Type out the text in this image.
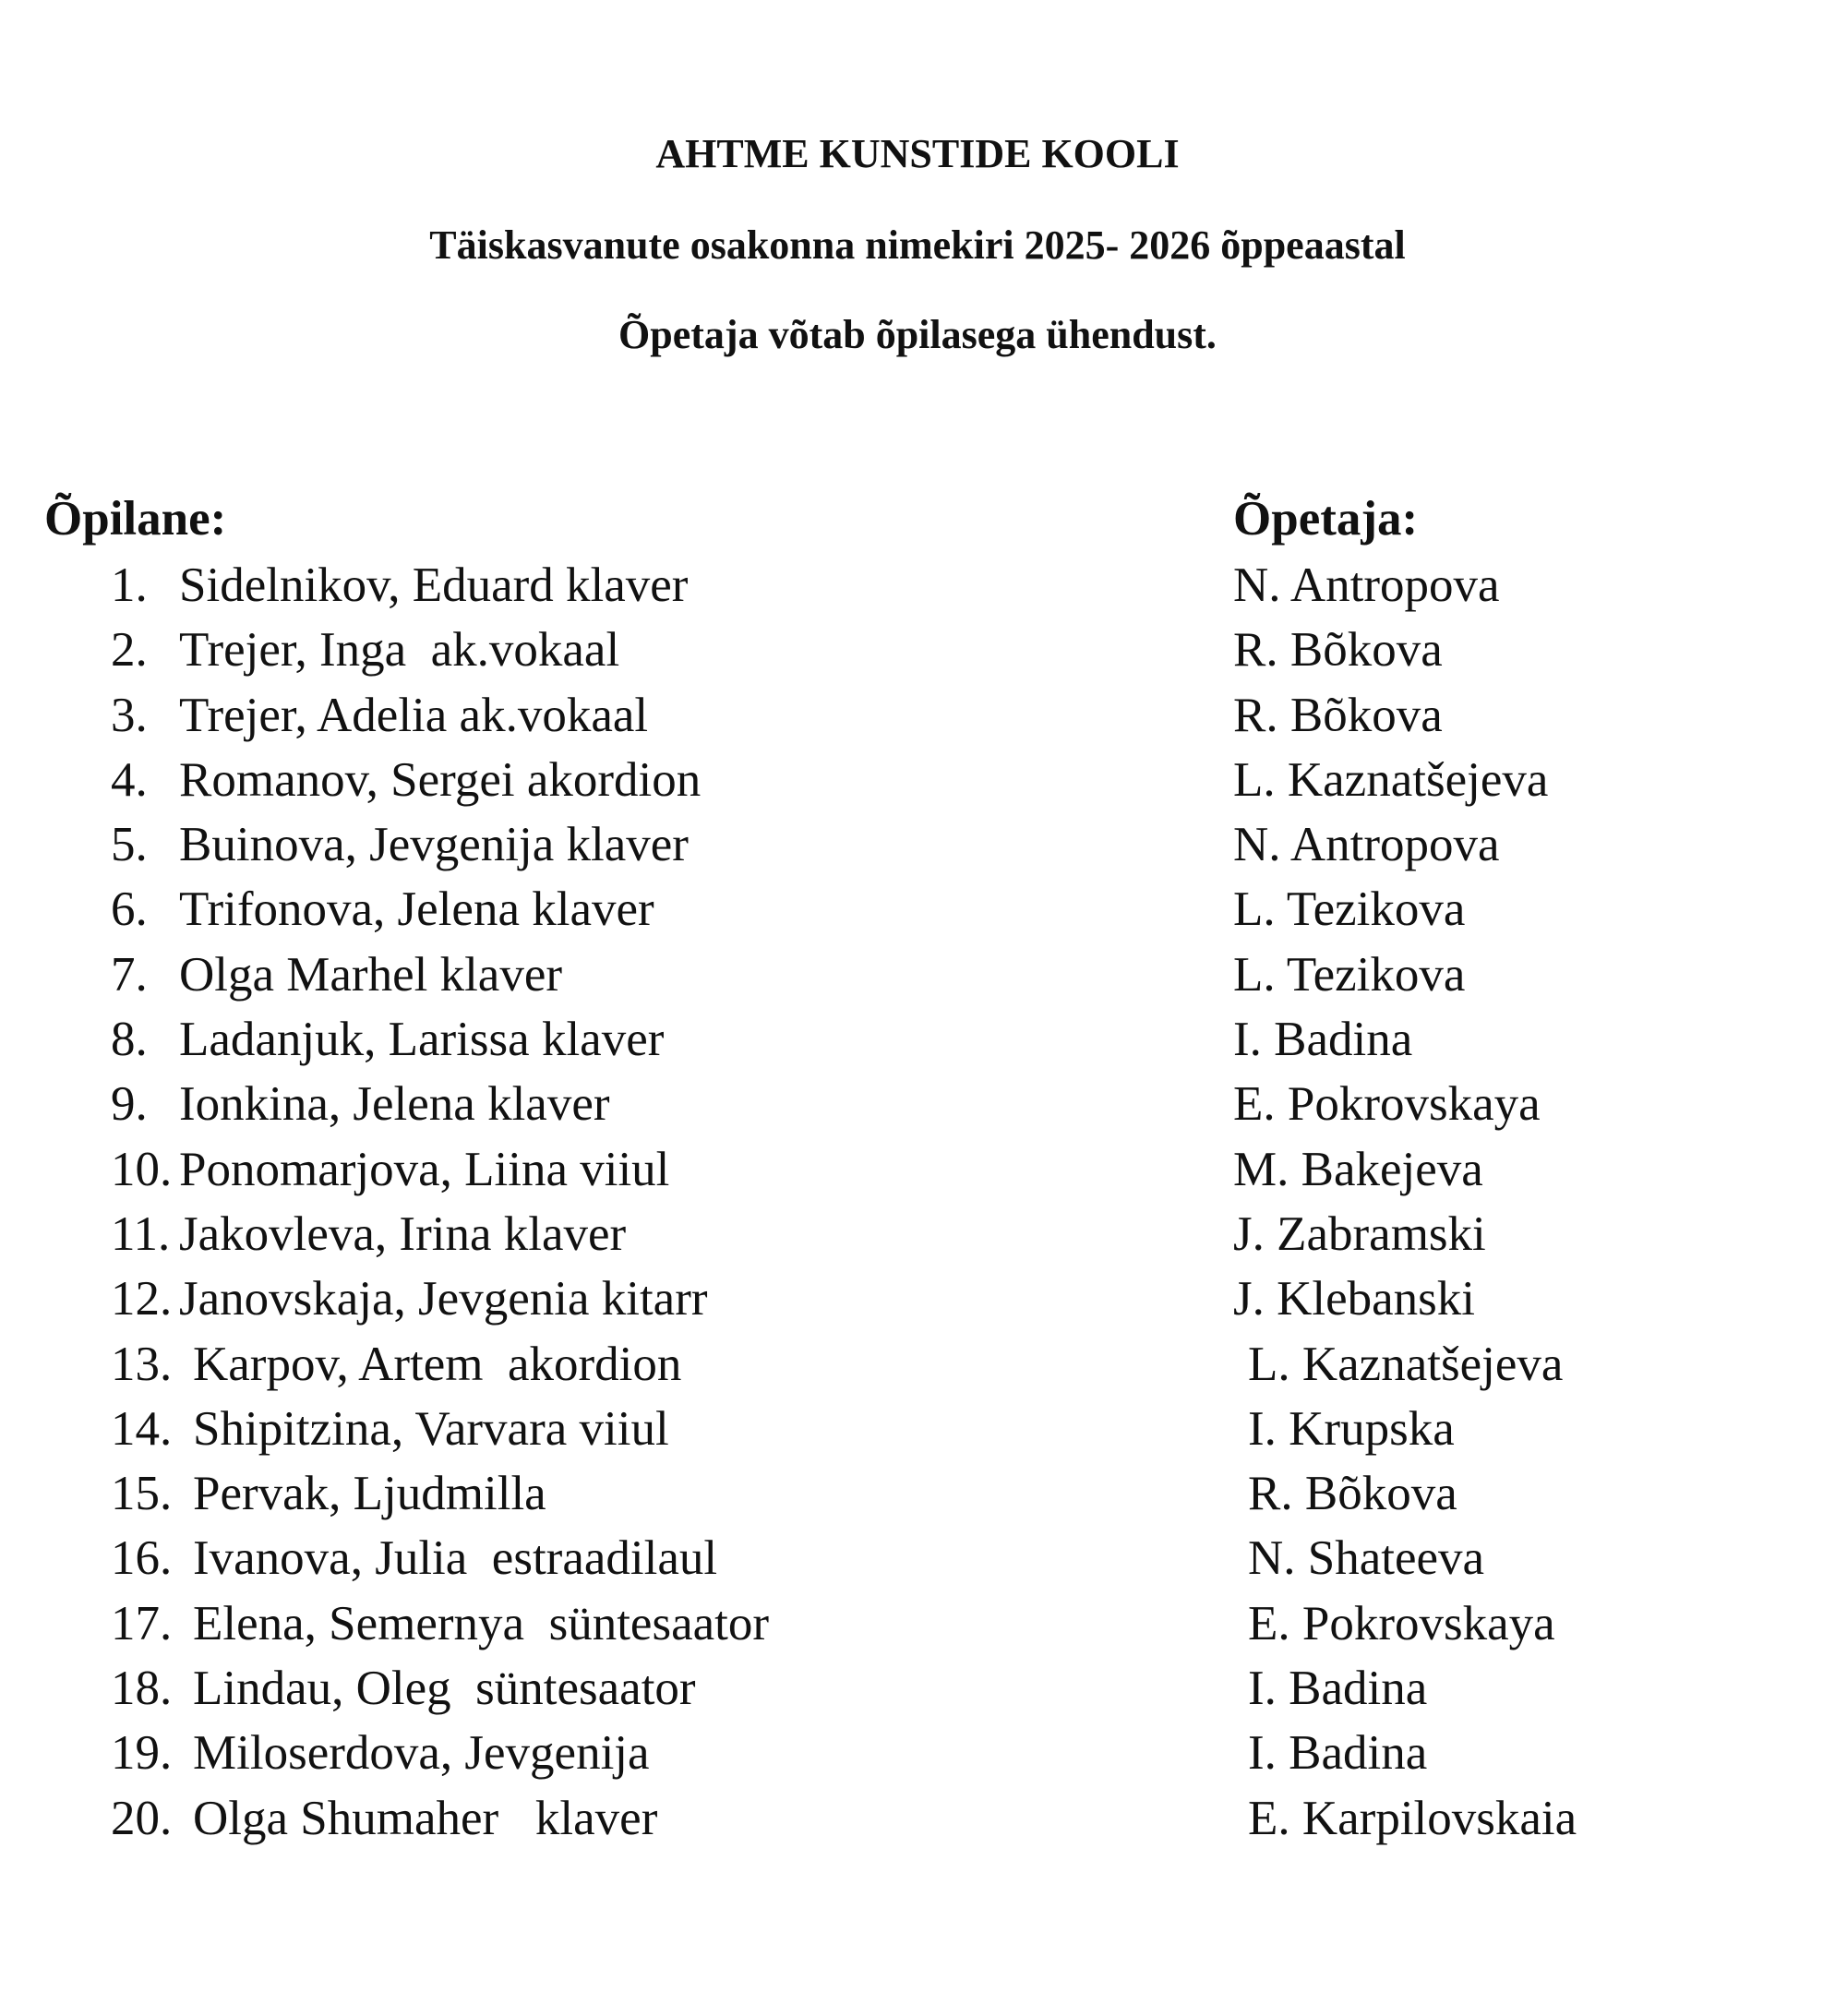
AHTME KUNSTIDE KOOLI

Täiskasvanute osakonna nimekiri 2025- 2026 õppeaastal

Õpetaja võtab õpilasega ühendust.

Õpilane:	Õpetaja:

1. Sidelnikov, Eduard klaver	N. Antropova
2. Trejer, Inga  ak.vokaal	R. Bõkova
3. Trejer, Adelia ak.vokaal	R. Bõkova
4. Romanov, Sergei akordion	L. Kaznatšejeva
5. Buinova, Jevgenija klaver	N. Antropova
6. Trifonova, Jelena klaver	L. Tezikova
7. Olga Marhel klaver	L. Tezikova
8. Ladanjuk, Larissa klaver	I. Badina
9. Ionkina, Jelena klaver	E. Pokrovskaya
10. Ponomarjova, Liina viiul	M. Bakejeva
11. Jakovleva, Irina klaver	J. Zabramski
12. Janovskaja, Jevgenia kitarr	J. Klebanski
13. Karpov, Artem  akordion	L. Kaznatšejeva
14. Shipitzina, Varvara viiul	I. Krupska
15. Pervak, Ljudmilla	R. Bõkova
16. Ivanova, Julia  estraadilaul	N. Shateeva
17. Elena, Semernya  süntesaator	E. Pokrovskaya
18. Lindau, Oleg  süntesaator	I. Badina
19. Miloserdova, Jevgenija	I. Badina
20. Olga Shumaher   klaver	E. Karpilovskaia
